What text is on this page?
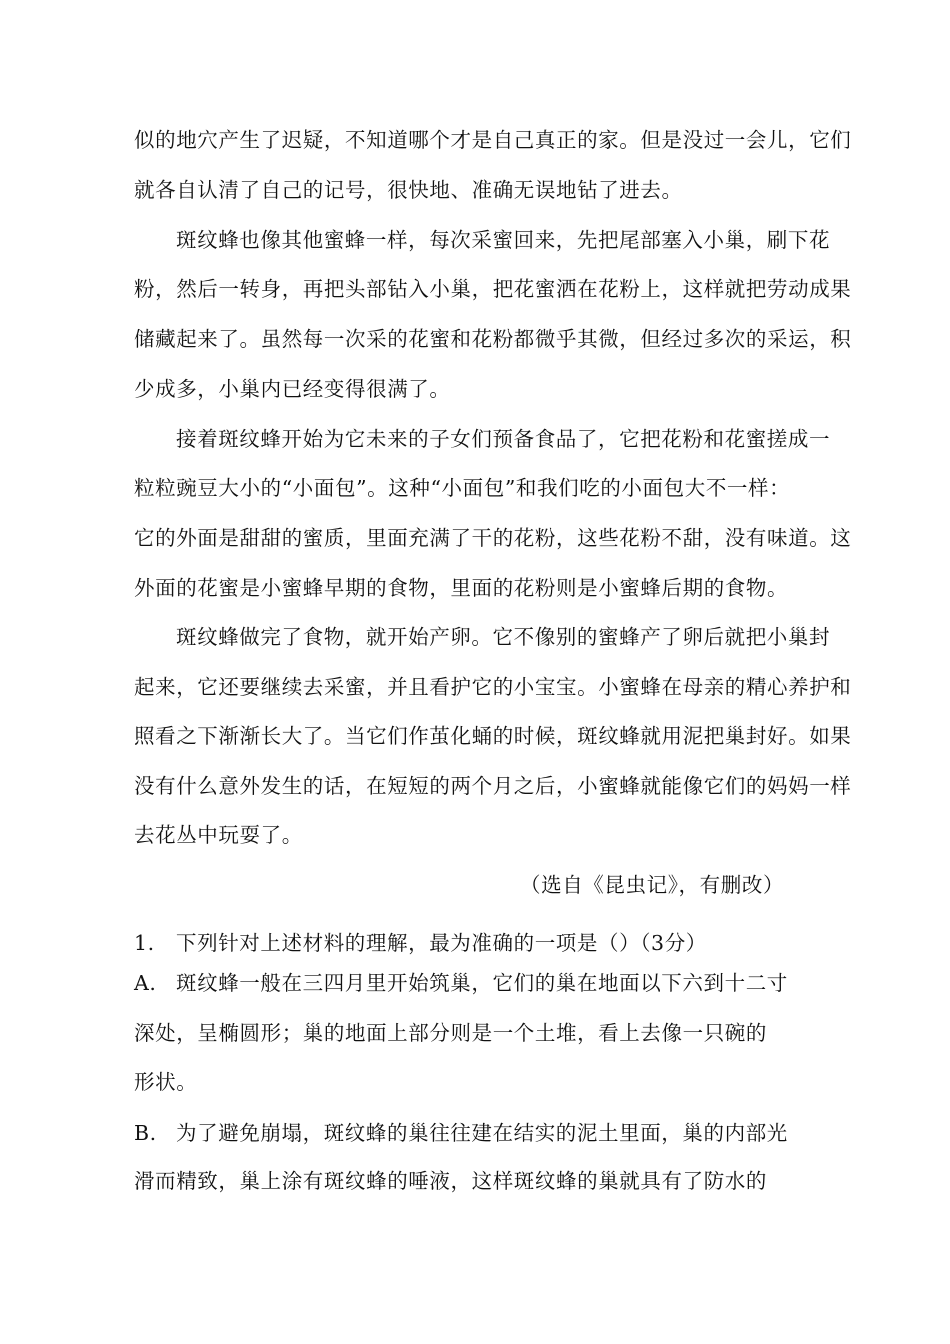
似的地穴产生了迟疑，不知道哪个才是自己真正的家。但是没过一会儿，它们
就各自认清了自己的记号，很快地、准确无误地钻了进去。
斑纹蜂也像其他蜜蜂一样，每次采蜜回来，先把尾部塞入小巢，刷下花
粉，然后一转身，再把头部钻入小巢，把花蜜洒在花粉上，这样就把劳动成果
储藏起来了。虽然每一次采的花蜜和花粉都微乎其微，但经过多次的采运，积
少成多，小巢内已经变得很满了。
接着斑纹蜂开始为它未来的子女们预备食品了，它把花粉和花蜜搓成一
粒粒豌豆大小的“小面包”。这种“小面包”和我们吃的小面包大不一样：
它的外面是甜甜的蜜质，里面充满了干的花粉，这些花粉不甜，没有味道。这
外面的花蜜是小蜜蜂早期的食物，里面的花粉则是小蜜蜂后期的食物。
斑纹蜂做完了食物，就开始产卵。它不像别的蜜蜂产了卵后就把小巢封
起来，它还要继续去采蜜，并且看护它的小宝宝。小蜜蜂在母亲的精心养护和
照看之下渐渐长大了。当它们作茧化蛹的时候，斑纹蜂就用泥把巢封好。如果
没有什么意外发生的话，在短短的两个月之后，小蜜蜂就能像它们的妈妈一样
去花丛中玩耍了。
（选自《昆虫记》，有删改）
1. 下列针对上述材料的理解，最为准确的一项是（）（3分）
A. 斑纹蜂一般在三四月里开始筑巢，它们的巢在地面以下六到十二寸
深处，呈椭圆形；巢的地面上部分则是一个土堆，看上去像一只碗的
形状。
B. 为了避免崩塌，斑纹蜂的巢往往建在结实的泥土里面，巢的内部光
滑而精致，巢上涂有斑纹蜂的唾液，这样斑纹蜂的巢就具有了防水的
